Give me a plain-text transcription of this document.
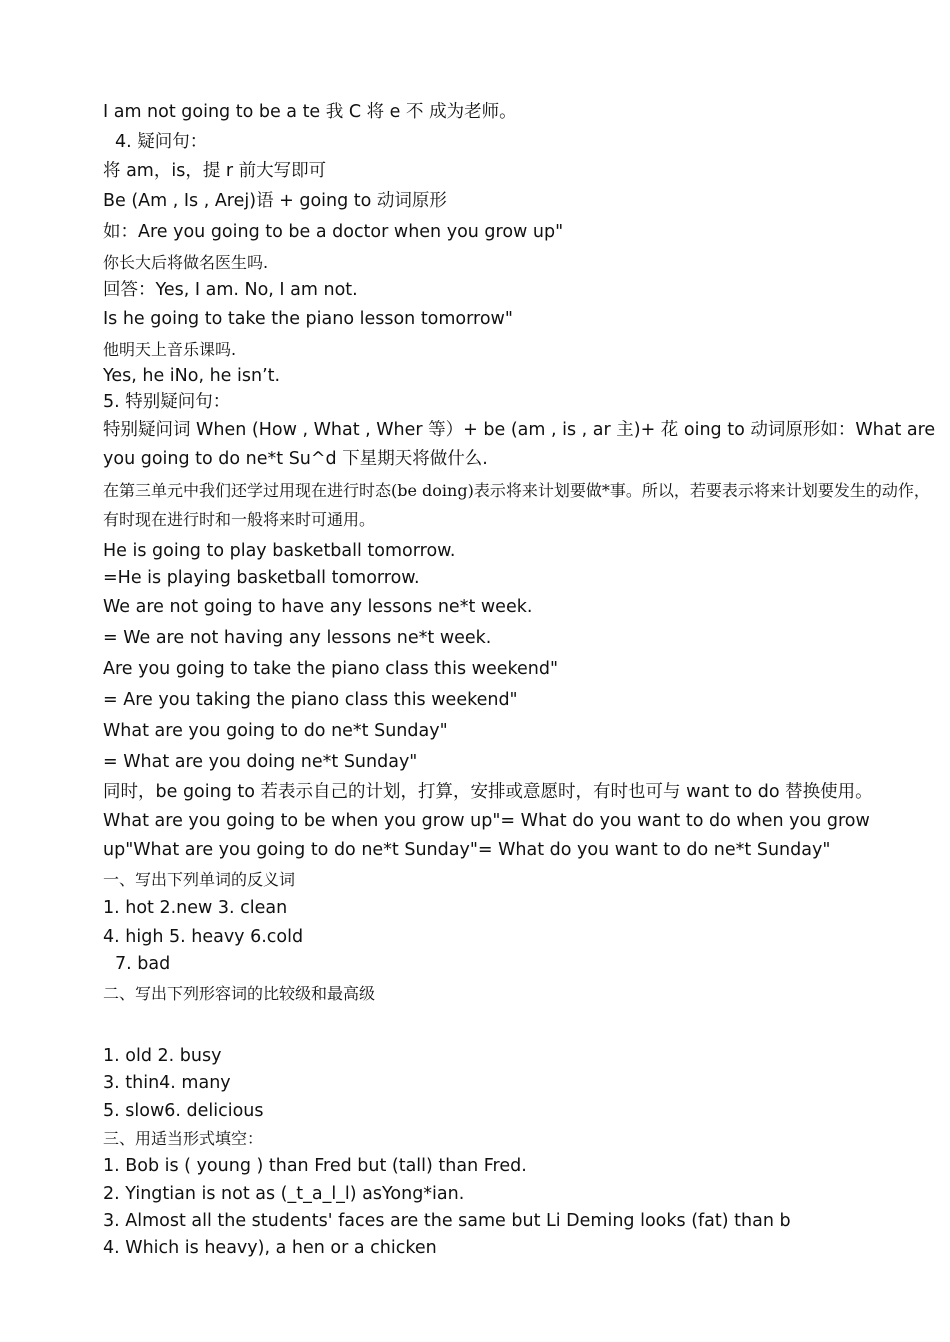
I am not going to be a te 我 C 将 e 不 成为老师。
4. 疑问句：
将 am，is，提 r 前大写即可
Be (Am , Is , Arej)语 + going to 动词原形
如：Are you going to be a doctor when you grow up"
你长大后将做名医生吗.
回答：Yes, I am. No, I am not.
Is he going to take the piano lesson tomorrow"
他明天上音乐课吗.
Yes, he iNo, he isn’t.
5. 特别疑问句：
特别疑问词 When (How , What , Wher 等）+ be (am , is , ar 主)+ 花 oing to 动词原形如：What are you going to do ne*t Su^d 下星期天将做什么.
在第三单元中我们还学过用现在进行时态(be doing)表示将来计划要做*事。所以，若要表示将来计划要发生的动作，有时现在进行时和一般将来时可通用。
He is going to play basketball tomorrow.
=He is playing basketball tomorrow.
We are not going to have any lessons ne*t week.
= We are not having any lessons ne*t week.
Are you going to take the piano class this weekend"
= Are you taking the piano class this weekend"
What are you going to do ne*t Sunday"
= What are you doing ne*t Sunday"
同时，be going to 若表示自己的计划，打算，安排或意愿时，有时也可与 want to do 替换使用。
What are you going to be when you grow up"= What do you want to do when you grow up"What are you going to do ne*t Sunday"= What do you want to do ne*t Sunday"
一、写出下列单词的反义词
1. hot 2.new 3. clean
4. high 5. heavy 6.cold
7. bad
二、写出下列形容词的比较级和最高级
1. old 2. busy
3. thin4. many
5. slow6. delicious
三、用适当形式填空：
1. Bob is ( young ) than Fred but (tall) than Fred.
2. Yingtian is not as (_t_a_l_l) asYong*ian.
3. Almost all the students' faces are the same but Li Deming looks (fat) than b
4. Which is heavy), a hen or a chicken
